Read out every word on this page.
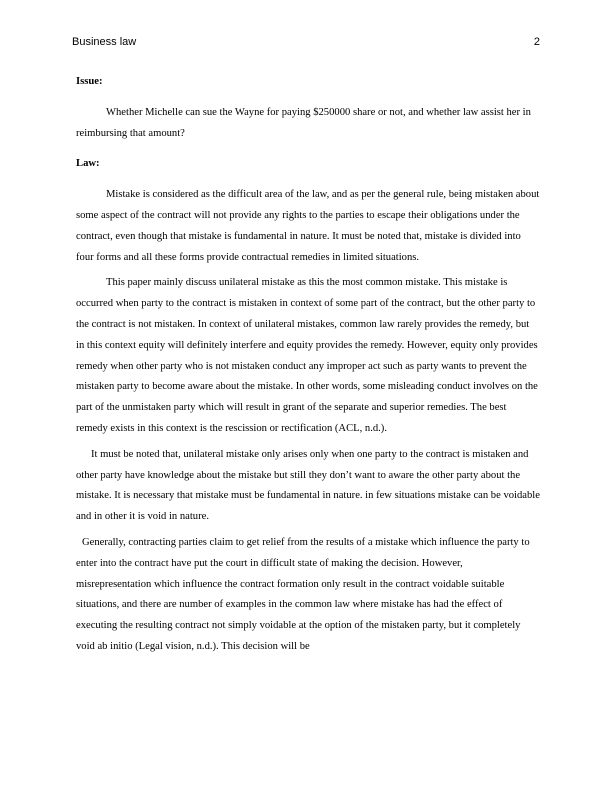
Business law	2

Issue:

Whether Michelle can sue the Wayne for paying $250000 share or not, and whether law assist her in reimbursing that amount?

Law:

Mistake is considered as the difficult area of the law, and as per the general rule, being mistaken about some aspect of the contract will not provide any rights to the parties to escape their obligations under the contract, even though that mistake is fundamental in nature. It must be noted that, mistake is divided into four forms and all these forms provide contractual remedies in limited situations.

This paper mainly discuss unilateral mistake as this the most common mistake. This mistake is occurred when party to the contract is mistaken in context of some part of the contract, but the other party to the contract is not mistaken. In context of unilateral mistakes, common law rarely provides the remedy, but in this context equity will definitely interfere and equity provides the remedy. However, equity only provides remedy when other party who is not mistaken conduct any improper act such as party wants to prevent the mistaken party to become aware about the mistake. In other words, some misleading conduct involves on the part of the unmistaken party which will result in grant of the separate and superior remedies. The best remedy exists in this context is the rescission or rectification (ACL, n.d.).

It must be noted that, unilateral mistake only arises only when one party to the contract is mistaken and other party have knowledge about the mistake but still they don’t want to aware the other party about the mistake. It is necessary that mistake must be fundamental in nature. in few situations mistake can be voidable and in other it is void in nature.

Generally, contracting parties claim to get relief from the results of a mistake which influence the party to enter into the contract have put the court in difficult state of making the decision. However, misrepresentation which influence the contract formation only result in the contract voidable suitable situations, and there are number of examples in the common law where mistake has had the effect of executing the resulting contract not simply voidable at the option of the mistaken party, but it completely void ab initio (Legal vision, n.d.). This decision will be
